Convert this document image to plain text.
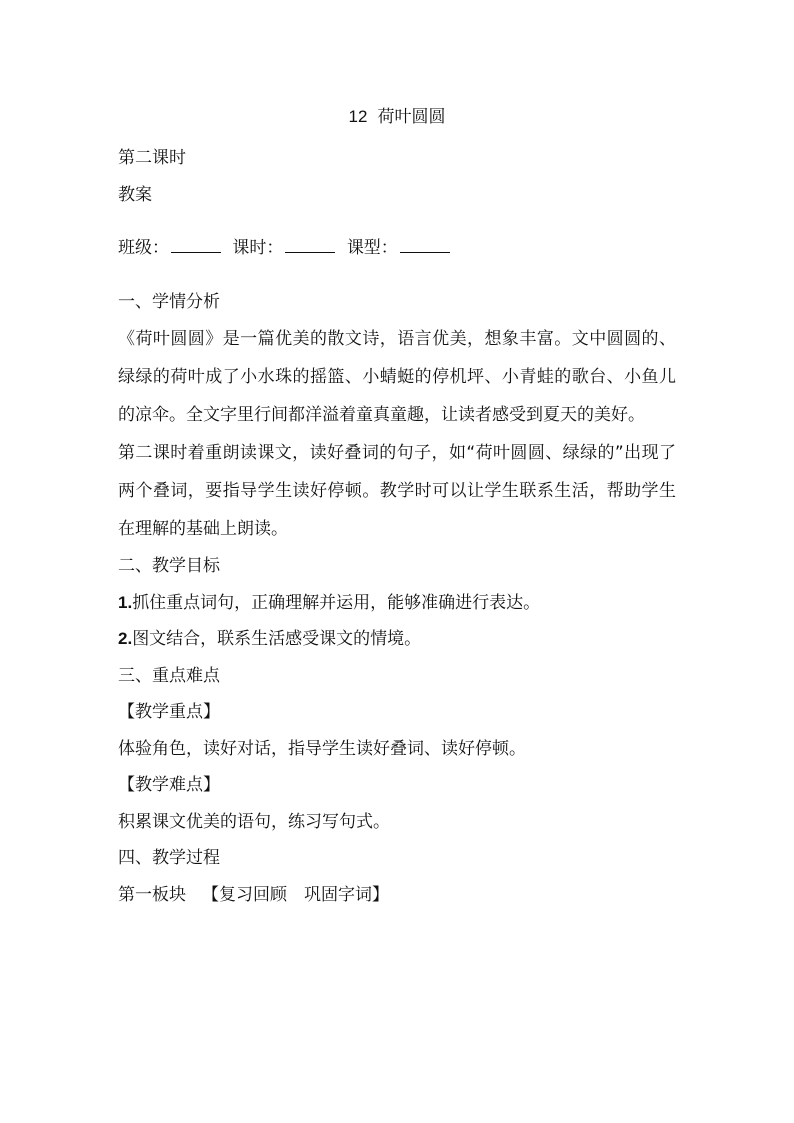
12 荷叶圆圆

第二课时

教案

班级：	课时：	课型：

一、学情分析

《荷叶圆圆》是一篇优美的散文诗，语言优美，想象丰富。文中圆圆的、绿绿的荷叶成了小水珠的摇篮、小蜻蜓的停机坪、小青蛙的歌台、小鱼儿的凉伞。全文字里行间都洋溢着童真童趣，让读者感受到夏天的美好。

第二课时着重朗读课文，读好叠词的句子，如“荷叶圆圆、绿绿的”出现了两个叠词，要指导学生读好停顿。教学时可以让学生联系生活，帮助学生在理解的基础上朗读。

二、教学目标

1.抓住重点词句，正确理解并运用，能够准确进行表达。

2.图文结合，联系生活感受课文的情境。

三、重点难点

【教学重点】

体验角色，读好对话，指导学生读好叠词、读好停顿。

【教学难点】

积累课文优美的语句，练习写句式。

四、教学过程

第一板块 【复习回顾　巩固字词】
